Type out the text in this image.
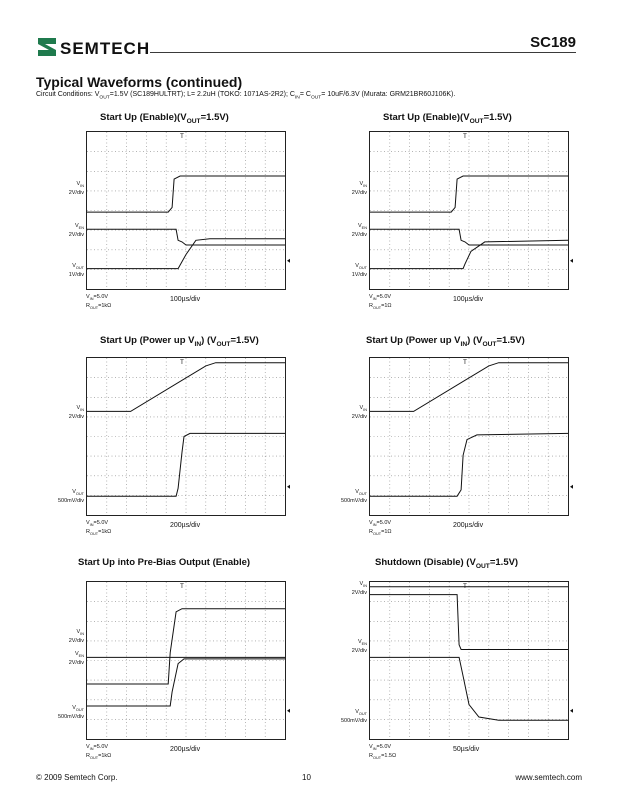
SEMTECH	SC189
Typical Waveforms (continued)
Circuit Conditions: $V_{OUT}=1.5V$ (SC189HULTRT); L= 2.2uH (TOKO: 1071AS-2R2); $C_{IN}= C_{OUT}= 10uF/6.3V$ (Murata: GRM21BR60J106K).
Start Up $(Enable)(V_{OUT}=1.5V)$
T
$V_{IN}$
2V/div
$V_{EN}$
2V/div
$V_{OUT}$
1V/div
$V_{IN}=5.0V$
$R_{OUT}=1k\Omega$
100µs/div
Start Up $(Enable)(V_{OUT}=1.5V)$
T
$V_{IN}$
2V/div
$V_{EN}$
2V/div
$V_{OUT}$
1V/div
$V_{IN}=5.0V$
$R_{OUT}=1\Omega$
100µs/div
Start Up (Power up $V_{IN}$) $(V_{OUT}=1.5V)$
T
$V_{IN}$
2V/div
$V_{OUT}$
500mV/div
$V_{IN}=5.0V$
$R_{OUT}=1k\Omega$
200µs/div
Start Up (Power up $V_{IN}$) $(V_{OUT}=1.5V)$
T
$V_{IN}$
2V/div
$V_{OUT}$
500mV/div
$V_{IN}=5.0V$
$R_{OUT}=1\Omega$
200µs/div
Start Up into Pre-Bias Output (Enable)
T
$V_{IN}$
2V/div
$V_{EN}$
2V/div
$V_{OUT}$
500mV/div
$V_{IN}=5.0V$
$R_{OUT}=1k\Omega$
200µs/div
Shutdown (Disable) $(V_{OUT}=1.5V)$
T
$V_{IN}$
2V/div
$V_{EN}$
2V/div
$V_{OUT}$
500mV/div
$V_{IN}=5.0V$
$R_{OUT}=1.5\Omega$
50µs/div
© 2009 Semtech Corp.	10	www.semtech.com
